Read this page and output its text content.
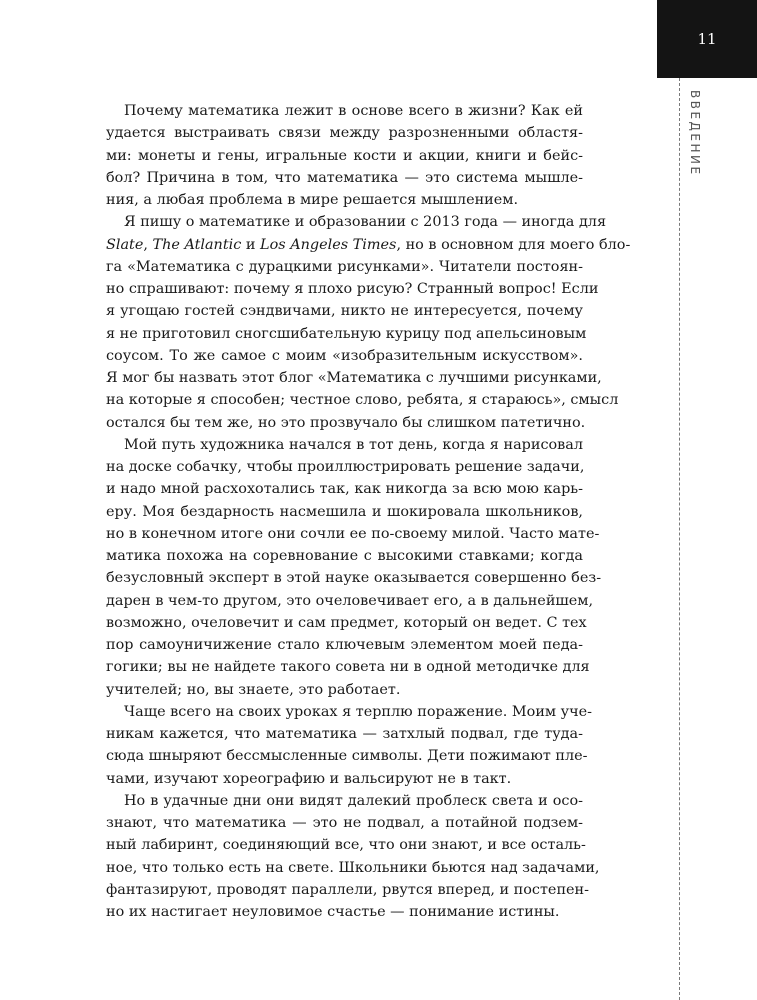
11
ВВЕДЕНИЕ

Почему математика лежит в основе всего в жизни? Как ей
удается выстраивать связи между разрозненными областя-
ми: монеты и гены, игральные кости и акции, книги и бейс-
бол? Причина в том, что математика — это система мышле-
ния, а любая проблема в мире решается мышлением.

Я пишу о математике и образовании с 2013 года — иногда для
Slate, The Atlantic и Los Angeles Times, но в основном для моего бло-
га «Математика с дурацкими рисунками». Читатели постоян-
но спрашивают: почему я плохо рисую? Странный вопрос! Если
я угощаю гостей сэндвичами, никто не интересуется, почему
я не приготовил сногсшибательную курицу под апельсиновым
соусом. То же самое с моим «изобразительным искусством».
Я мог бы назвать этот блог «Математика с лучшими рисунками,
на которые я способен; честное слово, ребята, я стараюсь», смысл
остался бы тем же, но это прозвучало бы слишком патетично.

Мой путь художника начался в тот день, когда я нарисовал
на доске собачку, чтобы проиллюстрировать решение задачи,
и надо мной расхохотались так, как никогда за всю мою карь-
еру. Моя бездарность насмешила и шокировала школьников,
но в конечном итоге они сочли ее по-своему милой. Часто мате-
матика похожа на соревнование с высокими ставками; когда
безусловный эксперт в этой науке оказывается совершенно без-
дарен в чем-то другом, это очеловечивает его, а в дальнейшем,
возможно, очеловечит и сам предмет, который он ведет. С тех
пор самоуничижение стало ключевым элементом моей педа-
гогики; вы не найдете такого совета ни в одной методичке для
учителей; но, вы знаете, это работает.

Чаще всего на своих уроках я терплю поражение. Моим уче-
никам кажется, что математика — затхлый подвал, где туда-
сюда шныряют бессмысленные символы. Дети пожимают пле-
чами, изучают хореографию и вальсируют не в такт.

Но в удачные дни они видят далекий проблеск света и осо-
знают, что математика — это не подвал, а потайной подзем-
ный лабиринт, соединяющий все, что они знают, и все осталь-
ное, что только есть на свете. Школьники бьются над задачами,
фантазируют, проводят параллели, рвутся вперед, и постепен-
но их настигает неуловимое счастье — понимание истины.
